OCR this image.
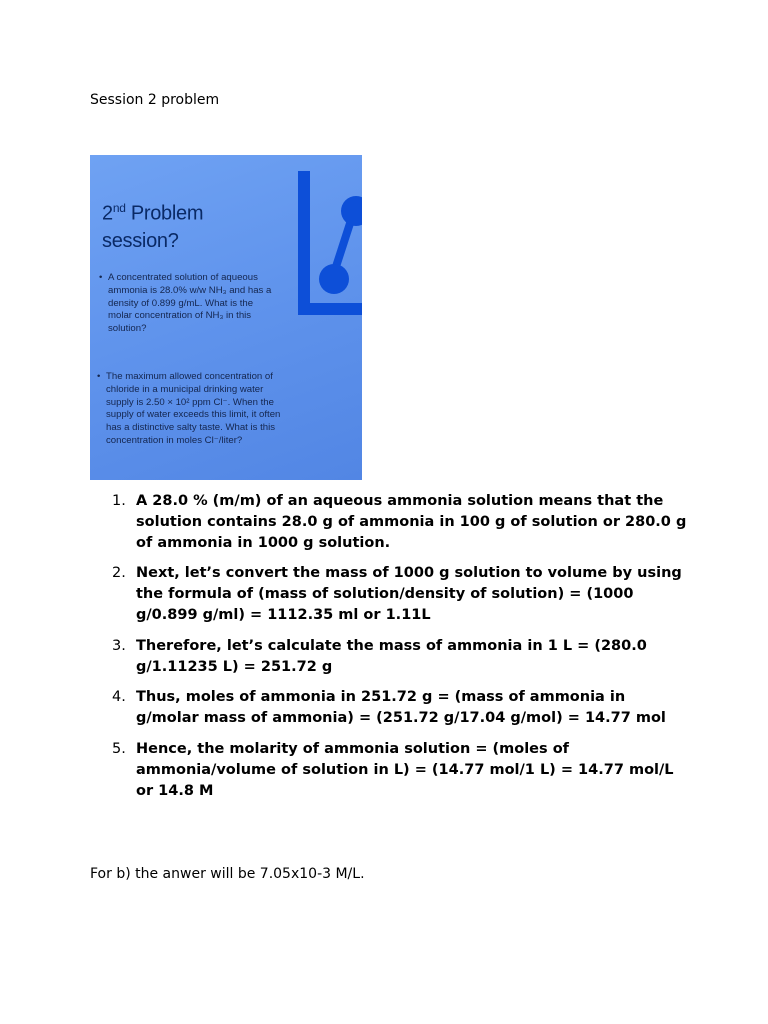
Session 2 problem

2nd Problem
session?
• A concentrated solution of aqueous ammonia is 28.0% w/w NH₃ and has a density of 0.899 g/mL. What is the molar concentration of NH₃ in this solution?
• The maximum allowed concentration of chloride in a municipal drinking water supply is 2.50 × 10² ppm Cl⁻. When the supply of water exceeds this limit, it often has a distinctive salty taste. What is this concentration in moles Cl⁻/liter?
1. A 28.0 % (m/m) of an aqueous ammonia solution means that the solution contains 28.0 g of ammonia in 100 g of solution or 280.0 g of ammonia in 1000 g solution.
2. Next, let’s convert the mass of 1000 g solution to volume by using the formula of (mass of solution/density of solution) = (1000 g/0.899 g/ml) = 1112.35 ml or 1.11L
3. Therefore, let’s calculate the mass of ammonia in 1 L = (280.0 g/1.11235 L) = 251.72 g
4. Thus, moles of ammonia in 251.72 g = (mass of ammonia in g/molar mass of ammonia) = (251.72 g/17.04 g/mol) = 14.77 mol
5. Hence, the molarity of ammonia solution = (moles of ammonia/volume of solution in L) = (14.77 mol/1 L) = 14.77 mol/L or 14.8 M

For b) the anwer will be 7.05x10-3 M/L.
